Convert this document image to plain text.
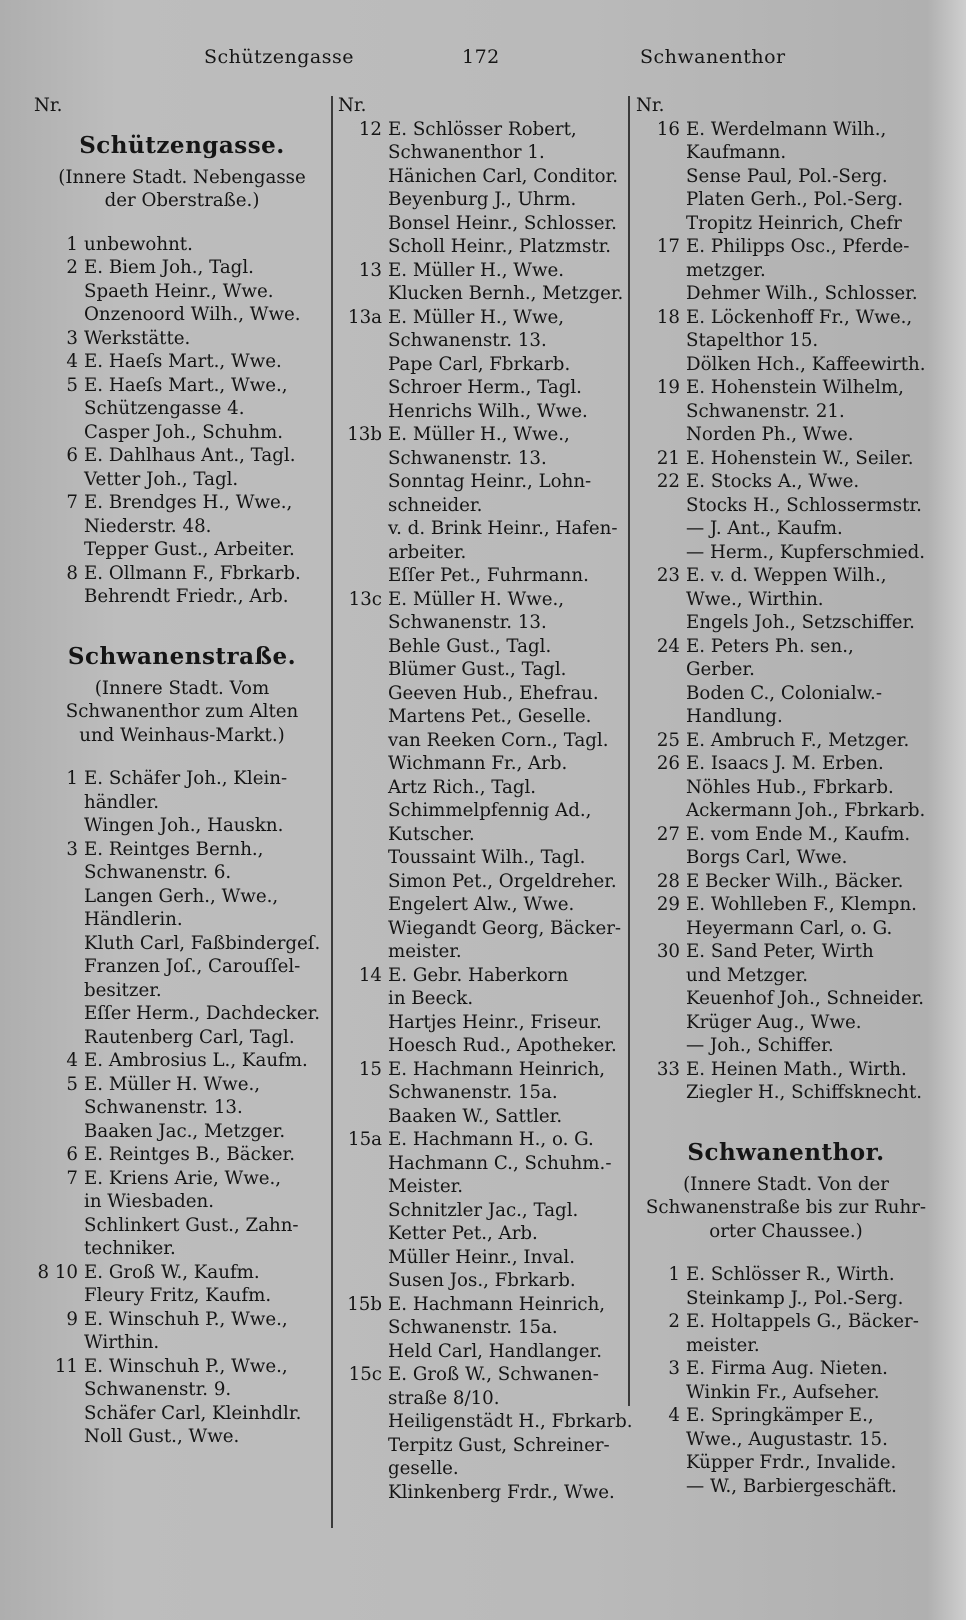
Schützengasse	172	Schwanenthor
Nr.
Schützengasse.
(Innere Stadt. Nebengasse
der Oberstraße.)
1 unbewohnt.
2 E. Biem Joh., Tagl.
Spaeth Heinr., Wwe.
Onzenoord Wilh., Wwe.
3 Werkstätte.
4 E. Haeſs Mart., Wwe.
5 E. Haeſs Mart., Wwe.,
Schützengasse 4.
Casper Joh., Schuhm.
6 E. Dahlhaus Ant., Tagl.
Vetter Joh., Tagl.
7 E. Brendges H., Wwe.,
Niederstr. 48.
Tepper Gust., Arbeiter.
8 E. Ollmann F., Fbrkarb.
Behrendt Friedr., Arb.
Schwanenstraße.
(Innere Stadt. Vom
Schwanenthor zum Alten
und Weinhaus-Markt.)
1 E. Schäfer Joh., Klein-
händler.
Wingen Joh., Hauskn.
3 E. Reintges Bernh.,
Schwanenstr. 6.
Langen Gerh., Wwe.,
Händlerin.
Kluth Carl, Faßbindergeſ.
Franzen Joſ., Carouſſel-
besitzer.
Eſſer Herm., Dachdecker.
Rautenberg Carl, Tagl.
4 E. Ambrosius L., Kaufm.
5 E. Müller H. Wwe.,
Schwanenstr. 13.
Baaken Jac., Metzger.
6 E. Reintges B., Bäcker.
7 E. Kriens Arie, Wwe.,
in Wiesbaden.
Schlinkert Gust., Zahn-
techniker.
8 10 E. Groß W., Kaufm.
Fleury Fritz, Kaufm.
9 E. Winschuh P., Wwe.,
Wirthin.
11 E. Winschuh P., Wwe.,
Schwanenstr. 9.
Schäfer Carl, Kleinhdlr.
Noll Gust., Wwe.
Nr.
12 E. Schlösser Robert,
Schwanenthor 1.
Hänichen Carl, Conditor.
Beyenburg J., Uhrm.
Bonsel Heinr., Schlosser.
Scholl Heinr., Platzmstr.
13 E. Müller H., Wwe.
Klucken Bernh., Metzger.
13a E. Müller H., Wwe,
Schwanenstr. 13.
Pape Carl, Fbrkarb.
Schroer Herm., Tagl.
Henrichs Wilh., Wwe.
13b E. Müller H., Wwe.,
Schwanenstr. 13.
Sonntag Heinr., Lohn-
schneider.
v. d. Brink Heinr., Hafen-
arbeiter.
Eſſer Pet., Fuhrmann.
13c E. Müller H. Wwe.,
Schwanenstr. 13.
Behle Gust., Tagl.
Blümer Gust., Tagl.
Geeven Hub., Ehefrau.
Martens Pet., Geselle.
van Reeken Corn., Tagl.
Wichmann Fr., Arb.
Artz Rich., Tagl.
Schimmelpfennig Ad.,
Kutscher.
Toussaint Wilh., Tagl.
Simon Pet., Orgeldreher.
Engelert Alw., Wwe.
Wiegandt Georg, Bäcker-
meister.
14 E. Gebr. Haberkorn
in Beeck.
Hartjes Heinr., Friseur.
Hoesch Rud., Apotheker.
15 E. Hachmann Heinrich,
Schwanenstr. 15a.
Baaken W., Sattler.
15a E. Hachmann H., o. G.
Hachmann C., Schuhm.-
Meister.
Schnitzler Jac., Tagl.
Ketter Pet., Arb.
Müller Heinr., Inval.
Susen Jos., Fbrkarb.
15b E. Hachmann Heinrich,
Schwanenstr. 15a.
Held Carl, Handlanger.
15c E. Groß W., Schwanen-
straße 8/10.
Heiligenstädt H., Fbrkarb.
Terpitz Gust, Schreiner-
geselle.
Klinkenberg Frdr., Wwe.
Nr.
16 E. Werdelmann Wilh.,
Kaufmann.
Sense Paul, Pol.-Serg.
Platen Gerh., Pol.-Serg.
Tropitz Heinrich, Chefr
17 E. Philipps Osc., Pferde-
metzger.
Dehmer Wilh., Schlosser.
18 E. Löckenhoff Fr., Wwe.,
Stapelthor 15.
Dölken Hch., Kaffeewirth.
19 E. Hohenstein Wilhelm,
Schwanenstr. 21.
Norden Ph., Wwe.
21 E. Hohenstein W., Seiler.
22 E. Stocks A., Wwe.
Stocks H., Schlossermstr.
— J. Ant., Kaufm.
— Herm., Kupferschmied.
23 E. v. d. Weppen Wilh.,
Wwe., Wirthin.
Engels Joh., Setzschiffer.
24 E. Peters Ph. sen.,
Gerber.
Boden C., Colonialw.-
Handlung.
25 E. Ambruch F., Metzger.
26 E. Isaacs J. M. Erben.
Nöhles Hub., Fbrkarb.
Ackermann Joh., Fbrkarb.
27 E. vom Ende M., Kaufm.
Borgs Carl, Wwe.
28 E Becker Wilh., Bäcker.
29 E. Wohlleben F., Klempn.
Heyermann Carl, o. G.
30 E. Sand Peter, Wirth
und Metzger.
Keuenhof Joh., Schneider.
Krüger Aug., Wwe.
— Joh., Schiffer.
33 E. Heinen Math., Wirth.
Ziegler H., Schiffsknecht.
Schwanenthor.
(Innere Stadt. Von der
Schwanenstraße bis zur Ruhr-
orter Chaussee.)
1 E. Schlösser R., Wirth.
Steinkamp J., Pol.-Serg.
2 E. Holtappels G., Bäcker-
meister.
3 E. Firma Aug. Nieten.
Winkin Fr., Aufseher.
4 E. Springkämper E.,
Wwe., Augustastr. 15.
Küpper Frdr., Invalide.
— W., Barbiergeschäft.
